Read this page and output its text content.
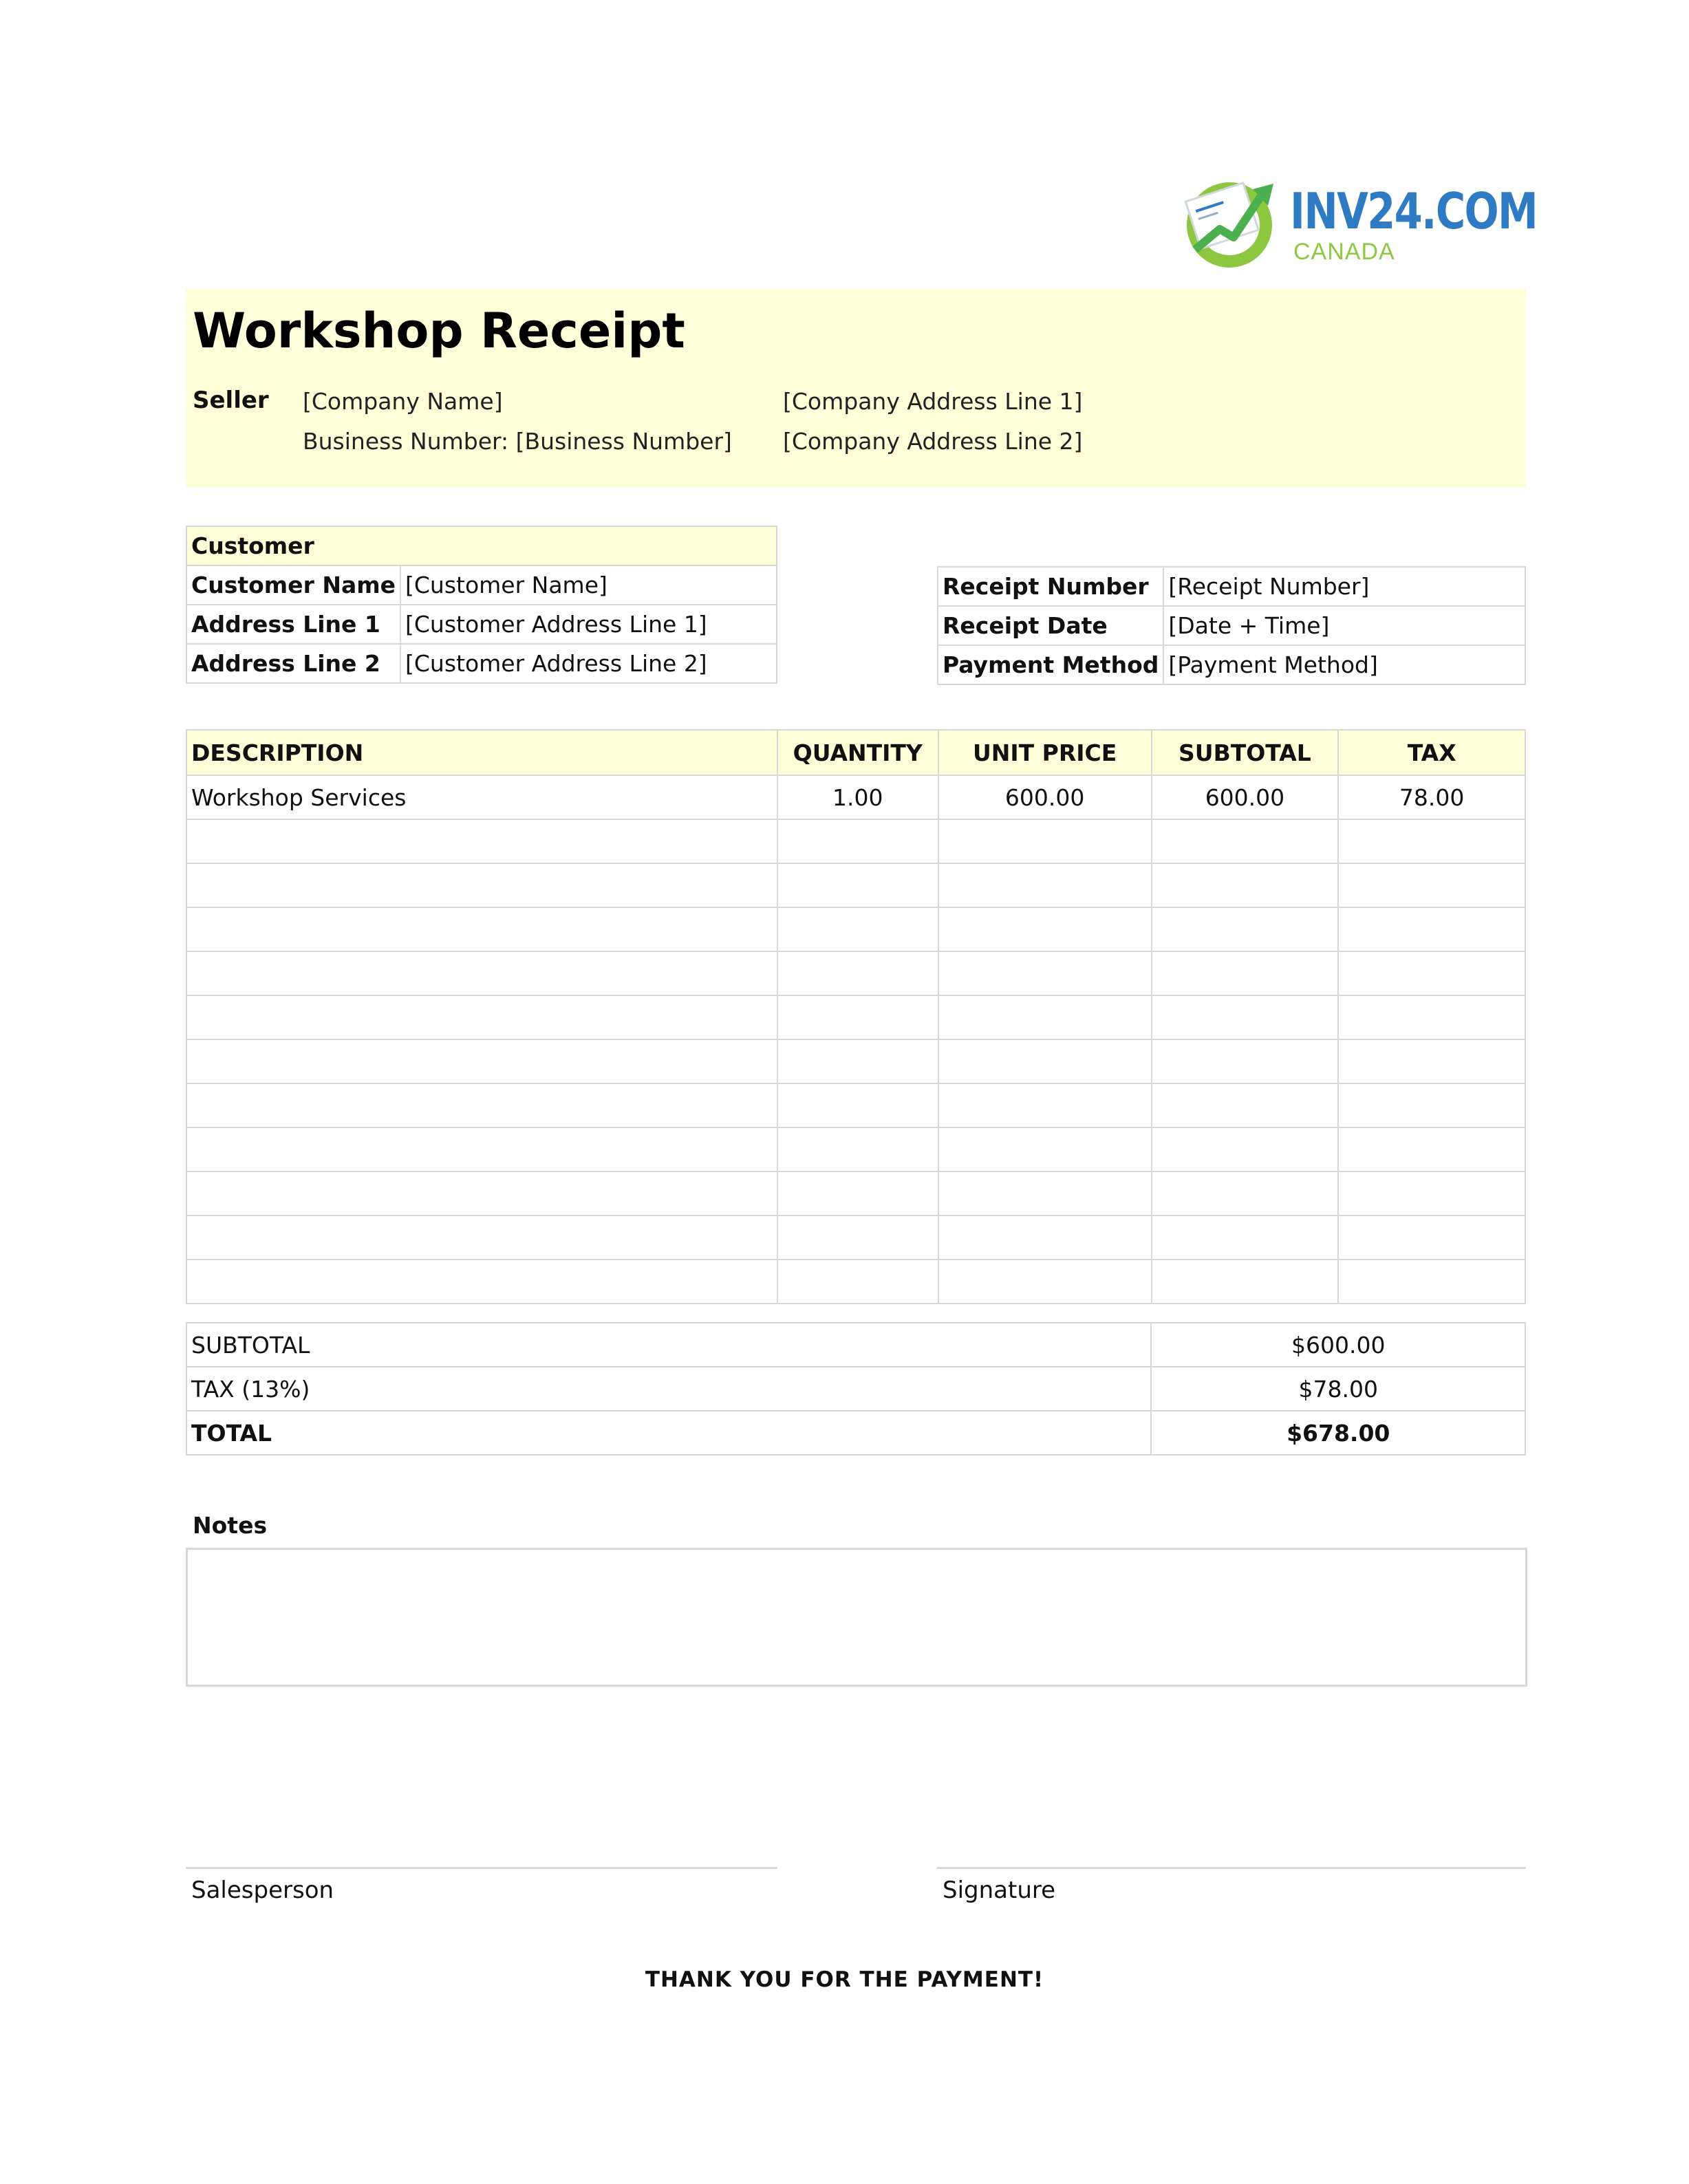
INV24.COM
CANADA
Workshop Receipt
Seller [Company Name]
Business Number: [Business Number]
[Company Address Line 1]
[Company Address Line 2]
Customer	
Customer Name	[Customer Name]
Address Line 1	[Customer Address Line 1]
Address Line 2	[Customer Address Line 2]
Receipt Number	[Receipt Number]
Receipt Date	[Date + Time]
Payment Method	[Payment Method]
DESCRIPTION	QUANTITY	UNIT PRICE	SUBTOTAL	TAX
Workshop Services	1.00	600.00	600.00	78.00

SUBTOTAL	$600.00
TAX (13%)	$78.00
TOTAL	$678.00
Notes
Salesperson	Signature
THANK YOU FOR THE PAYMENT!
